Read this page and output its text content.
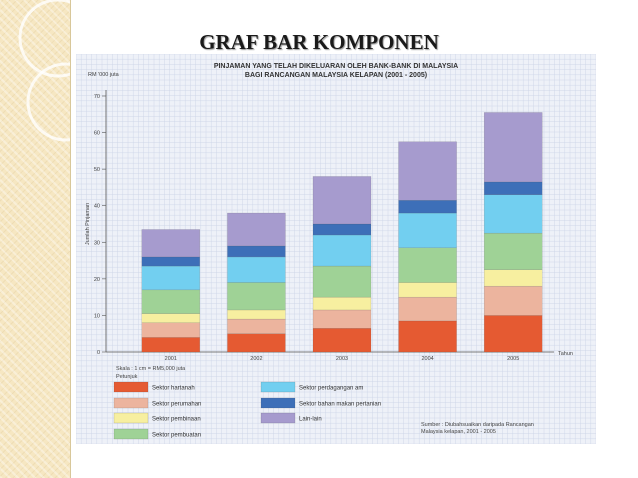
GRAF BAR KOMPONEN
PINJAMAN YANG TELAH DIKELUARAN OLEH BANK-BANK DI MALAYSIA
BAGI RANCANGAN MALAYSIA KELAPAN (2001 - 2005)
RM '000 juta
Jumlah Pinjaman
0
10
20
30
40
50
60
70
Tahun
2001	2002	2003	2004	2005
Skala : 1 cm = RM5,000 juta
Petunjuk
Sektor hartanah
Sektor perumahan
Sektor pembinaan
Sektor pembuatan
Sektor perdagangan am
Sektor bahan makan pertanian
Lain-lain
Sumber : Diubahsuaikan daripada Rancangan
Malaysia kelapan, 2001 - 2005
